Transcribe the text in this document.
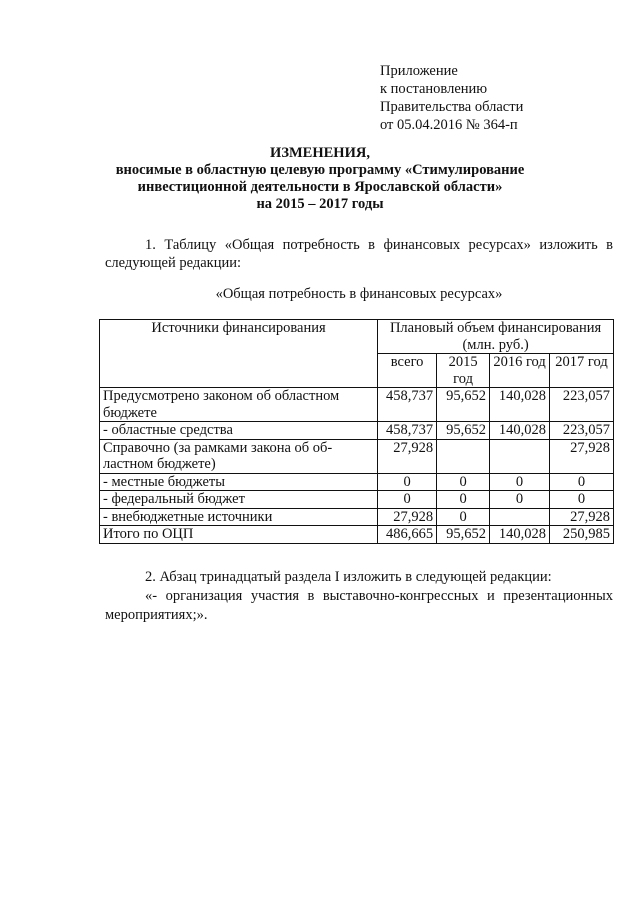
Приложение
к постановлению
Правительства области
от 05.04.2016 № 364-п
ИЗМЕНЕНИЯ,
вносимые в областную целевую программу «Стимулирование
инвестиционной деятельности в Ярославской области»
на 2015 – 2017 годы
1. Таблицу «Общая потребность в финансовых ресурсах» изложить в следующей редакции:
«Общая потребность в финансовых ресурсах»
Источники финансирования	Плановый объем финансирования (млн. руб.)			
	всего	2015 год	2016 год	2017 год
Предусмотрено законом об областном бюджете	458,737	95,652	140,028	223,057
- областные средства	458,737	95,652	140,028	223,057
Справочно (за рамками закона об об-ластном бюджете)	27,928			27,928
- местные бюджеты	0	0	0	0
- федеральный бюджет	0	0	0	0
- внебюджетные источники	27,928	0		27,928
Итого по ОЦП	486,665	95,652	140,028	250,985
2. Абзац тринадцатый раздела I изложить в следующей редакции:
«- организация участия в выставочно-конгрессных и презентационных мероприятиях;».
